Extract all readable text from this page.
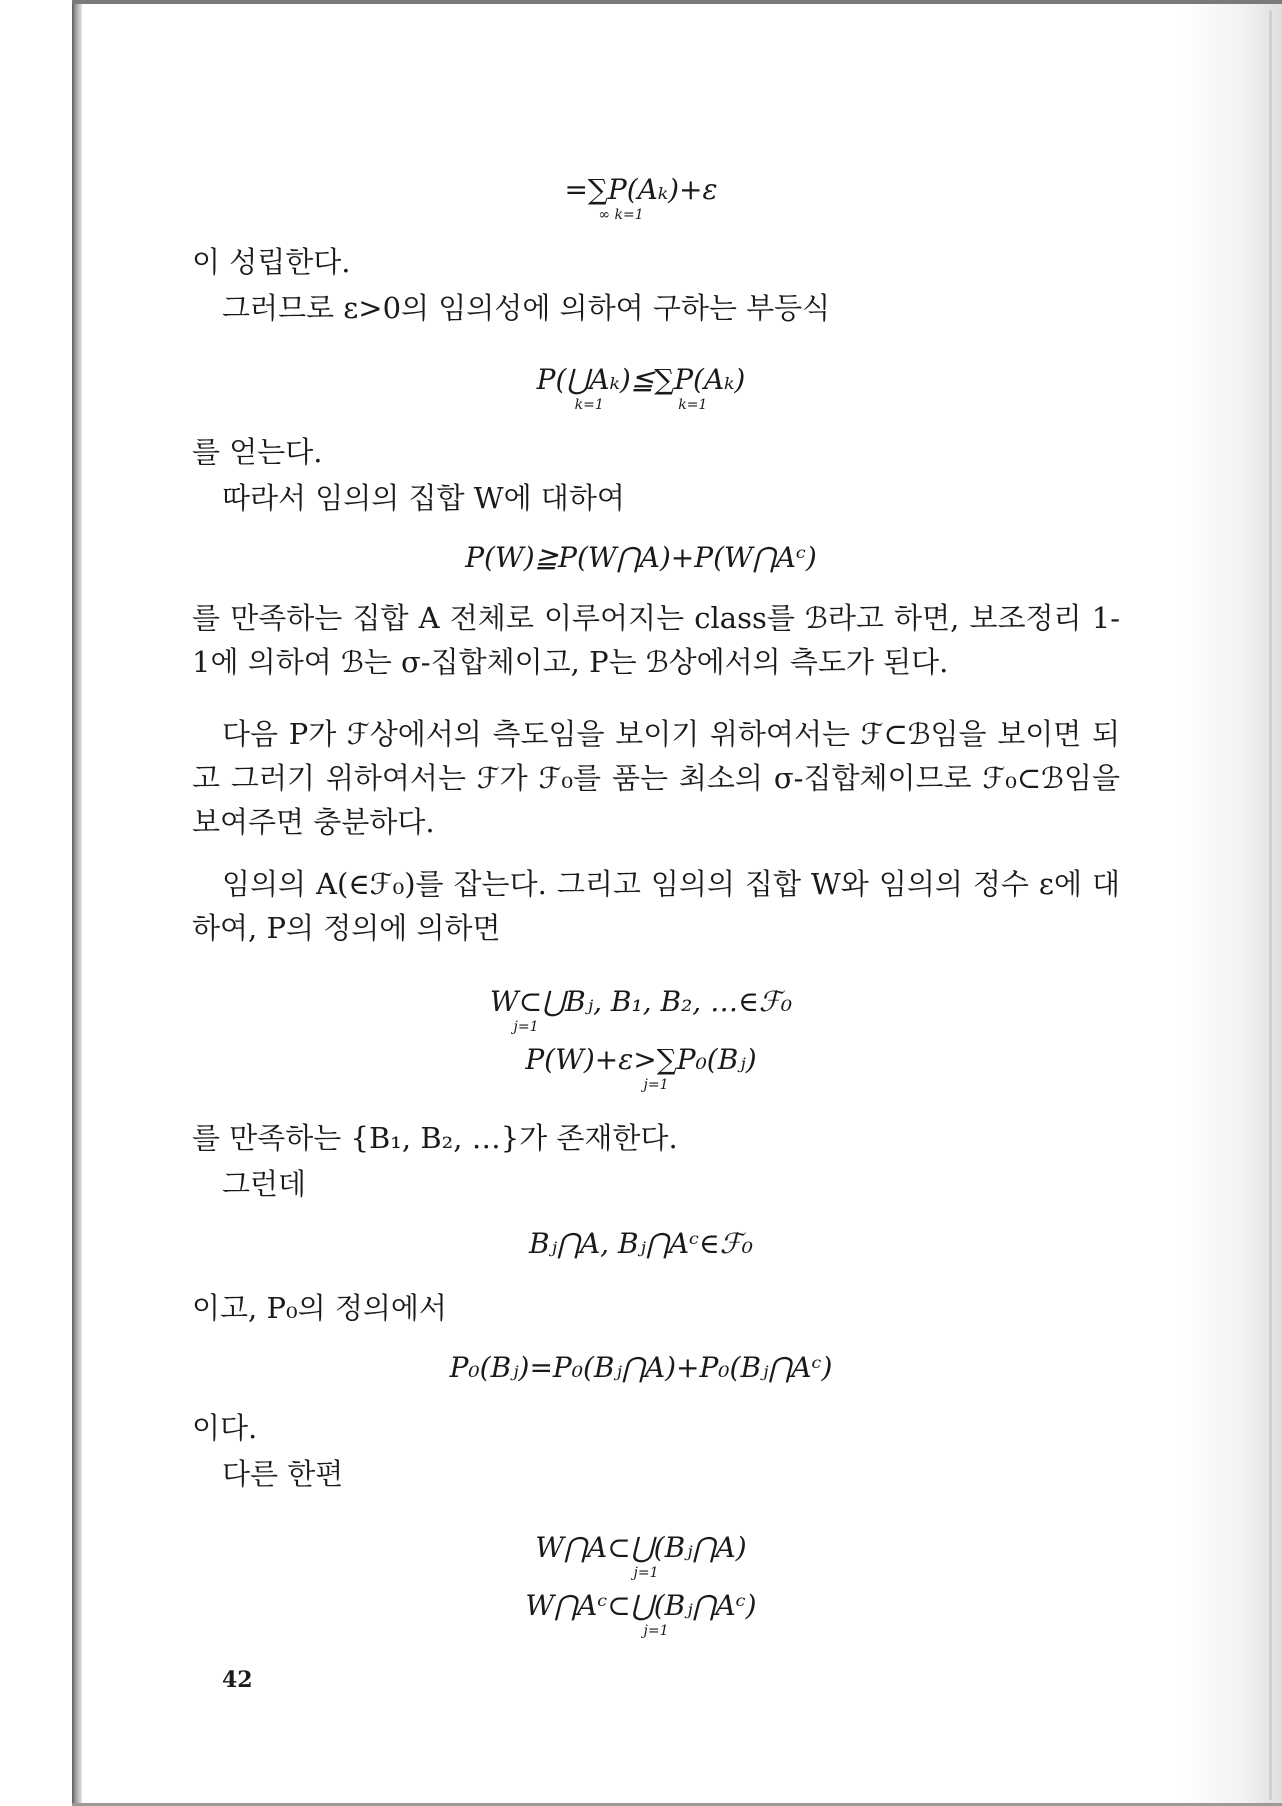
=∑P(Aₖ)+ε
∞ k=1
이 성립한다.
그러므로 ε>0의 임의성에 의하여 구하는 부등식
P(⋃Aₖ)≦∑P(Aₖ)
k=1	k=1
를 얻는다.
따라서 임의의 집합 W에 대하여
P(W)≧P(W⋂A)+P(W⋂Aᶜ)
를 만족하는 집합 A 전체로 이루어지는 class를 ℬ라고 하면, 보조정리 1-1에 의하여 ℬ는 σ-집합체이고, P는 ℬ상에서의 측도가 된다.
다음 P가 ℱ상에서의 측도임을 보이기 위하여서는 ℱ⊂ℬ임을 보이면 되고 그러기 위하여서는 ℱ가 ℱ₀를 품는 최소의 σ-집합체이므로 ℱ₀⊂ℬ임을 보여주면 충분하다.
임의의 A(∈ℱ₀)를 잡는다. 그리고 임의의 집합 W와 임의의 정수 ε에 대하여, P의 정의에 의하면
W⊂⋃Bⱼ, B₁, B₂, …∈ℱ₀
j=1
P(W)+ε>∑P₀(Bⱼ)
j=1
를 만족하는 {B₁, B₂, …}가 존재한다.
그런데
Bⱼ⋂A, Bⱼ⋂Aᶜ∈ℱ₀
이고, P₀의 정의에서
P₀(Bⱼ)=P₀(Bⱼ⋂A)+P₀(Bⱼ⋂Aᶜ)
이다.
다른 한편
W⋂A⊂⋃(Bⱼ⋂A)
j=1
W⋂Aᶜ⊂⋃(Bⱼ⋂Aᶜ)
j=1
42
